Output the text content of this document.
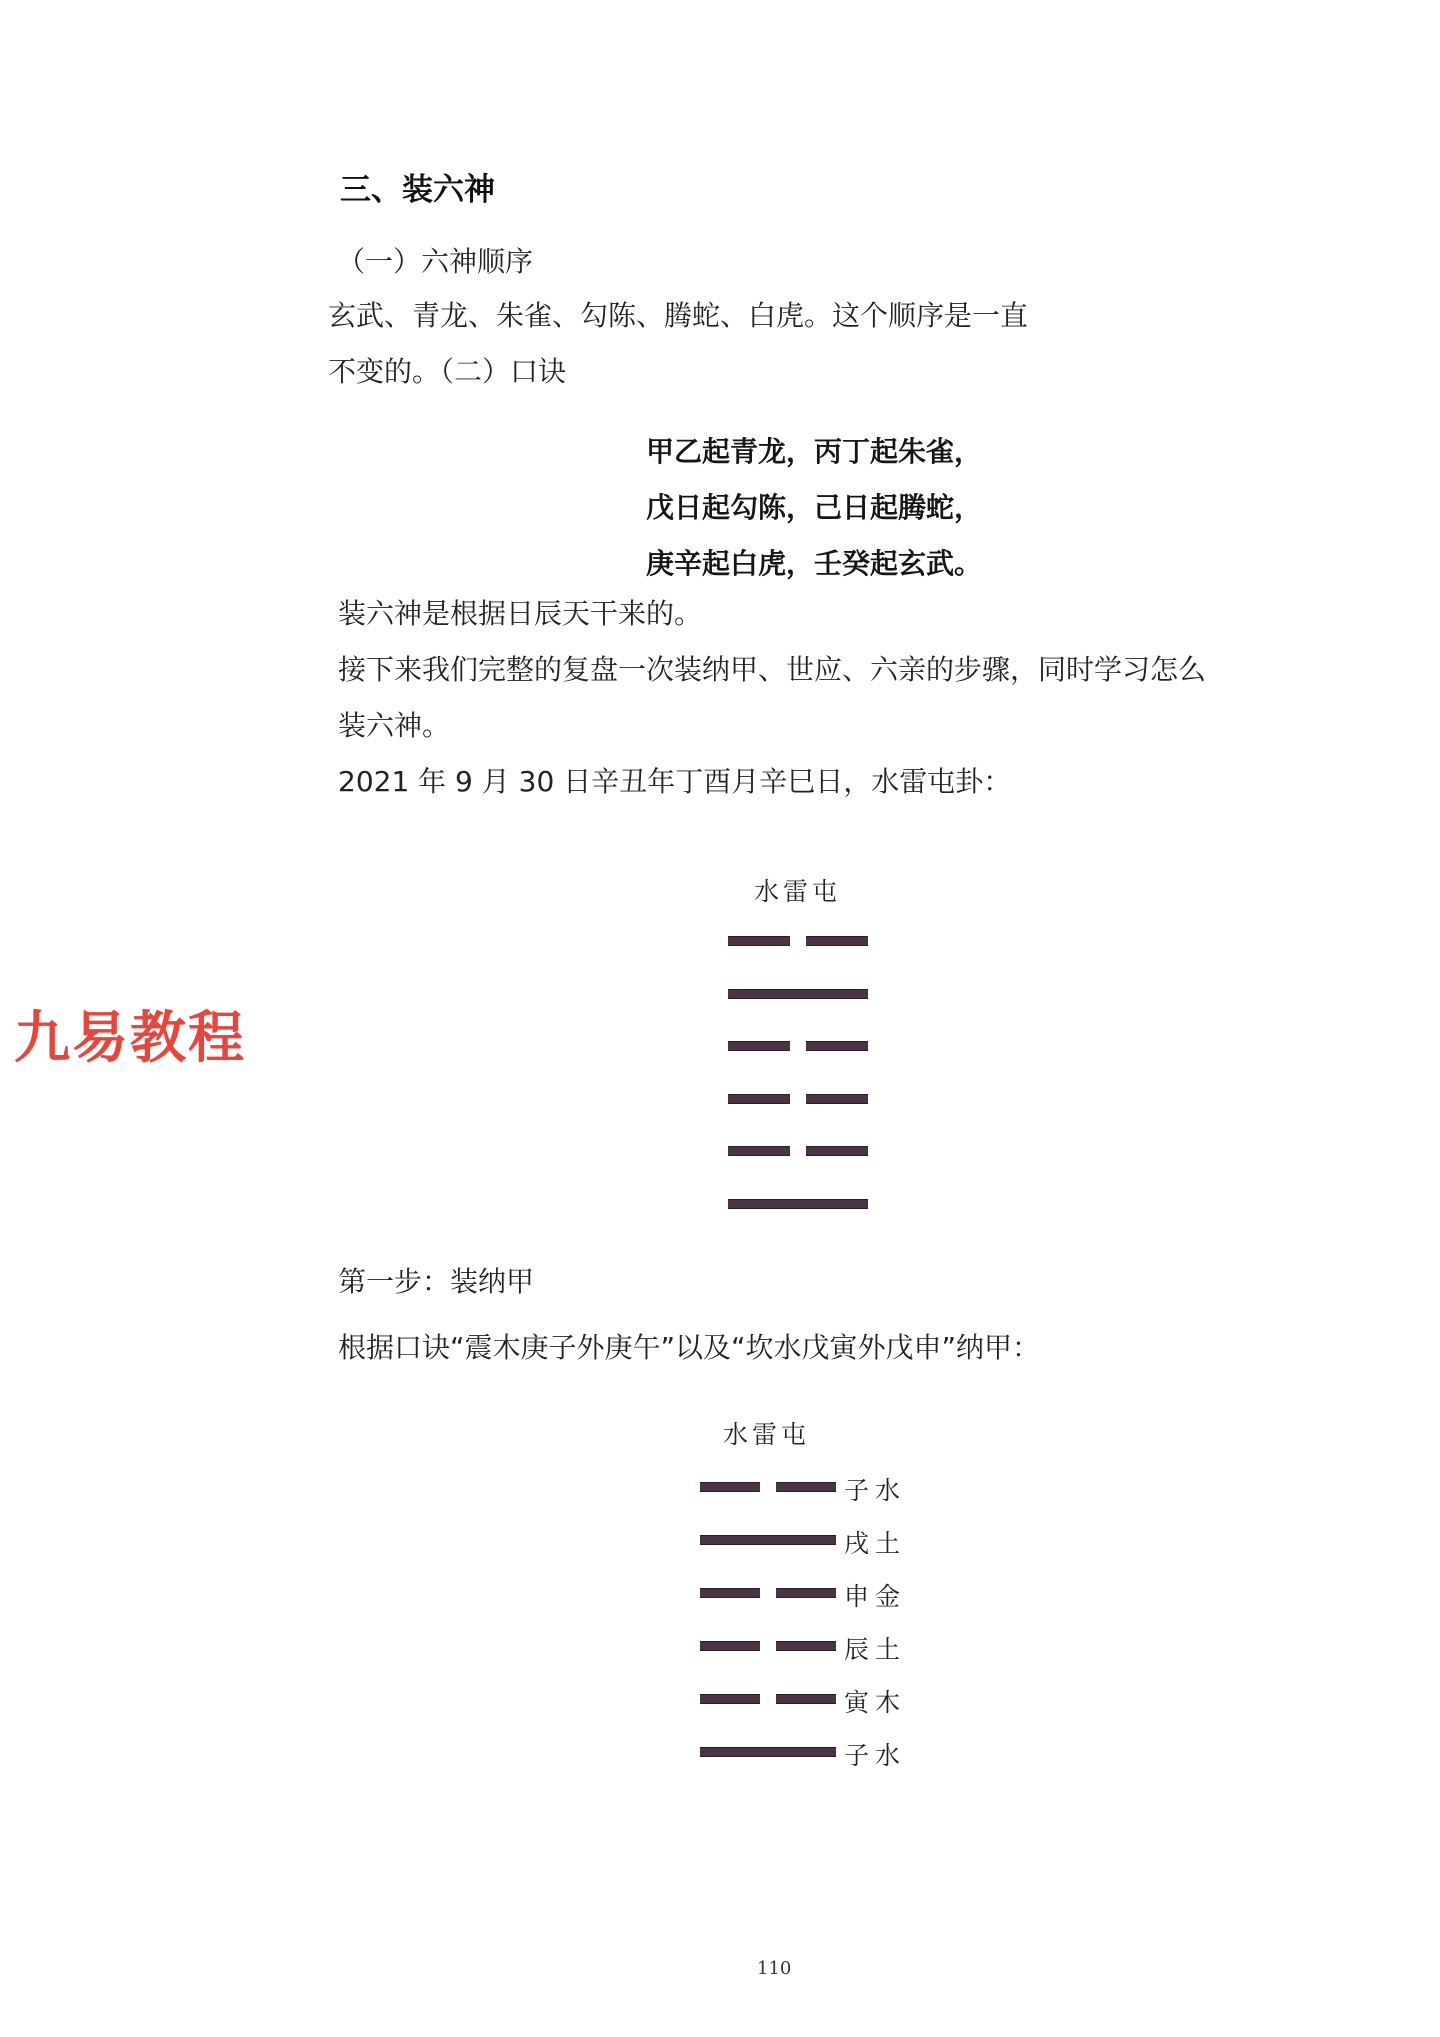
三、装六神
（一）六神顺序
玄武、青龙、朱雀、勾陈、腾蛇、白虎。这个顺序是一直
不变的。（二）口诀
甲乙起青龙，丙丁起朱雀，
戊日起勾陈，己日起腾蛇，
庚辛起白虎，壬癸起玄武。
装六神是根据日辰天干来的。
接下来我们完整的复盘一次装纳甲、世应、六亲的步骤，同时学习怎么
装六神。
2021 年 9 月 30 日辛丑年丁酉月辛巳日，水雷屯卦：
九易教程
水雷屯
第一步：装纳甲
根据口诀“震木庚子外庚午”以及“坎水戊寅外戊申”纳甲：
水雷屯
子水
戌土
申金
辰土
寅木
子水
110
